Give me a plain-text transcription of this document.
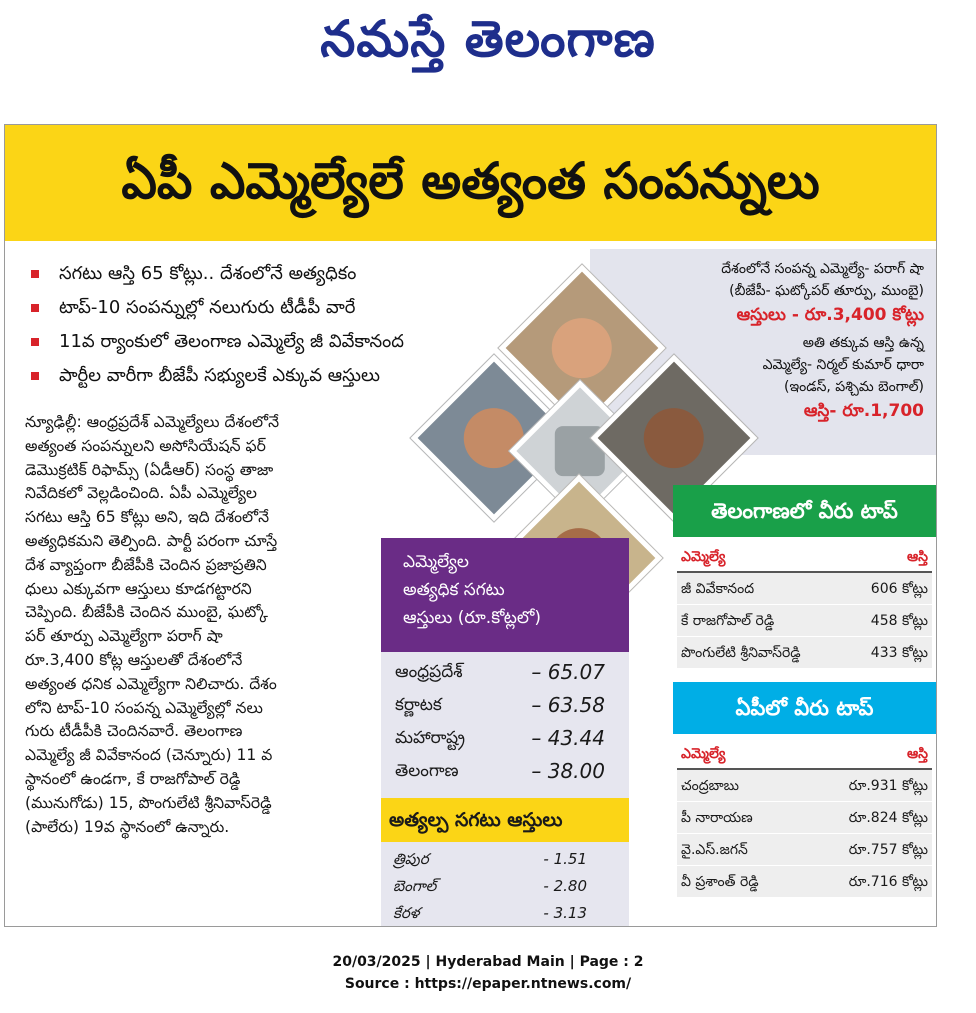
నమస్తే తెలంగాణ
ఏపీ ఎమ్మెల్యేలే అత్యంత సంపన్నులు
సగటు ఆస్తి 65 కోట్లు.. దేశంలోనే అత్యధికం
టాప్‌-10 సంపన్నుల్లో నలుగురు టీడీపీ వారే
11వ ర్యాంకులో తెలంగాణ ఎమ్మెల్యే జీ వివేకానంద
పార్టీల వారీగా బీజేపీ సభ్యులకే ఎక్కువ ఆస్తులు

న్యూఢిల్లీ: ఆంధ్రప్రదేశ్‌ ఎమ్మెల్యేలు దేశంలోనే

అత్యంత సంపన్నులని అసోసియేషన్‌ ఫర్‌

డెమొక్రటిక్‌ రిఫామ్స్‌ (ఏడీఆర్‌) సంస్థ తాజా

నివేదికలో వెల్లడించింది. ఏపీ ఎమ్మెల్యేల

సగటు ఆస్తి 65 కోట్లు అని, ఇది దేశంలోనే

అత్యధికమని తెల్పింది. పార్టీ పరంగా చూస్తే

దేశ వ్యాప్తంగా బీజేపీకి చెందిన ప్రజాప్రతిని

ధులు ఎక్కువగా ఆస్తులు కూడగట్టారని

చెప్పింది. బీజేపీకి చెందిన ముంబై, ఘట్కో

పర్‌ తూర్పు ఎమ్మెల్యేగా పరాగ్‌ షా

రూ.3,400 కోట్ల ఆస్తులతో దేశంలోనే

అత్యంత ధనిక ఎమ్మెల్యేగా నిలిచారు. దేశం

లోని టాప్‌-10 సంపన్న ఎమ్మెల్యేల్లో నలు

గురు టీడీపీకి చెందినవారే. తెలంగాణ

ఎమ్మెల్యే జీ వివేకానంద (చెన్నూరు) 11 వ

స్థానంలో ఉండగా, కే రాజగోపాల్‌ రెడ్డి

(మునుగోడు) 15, పొంగులేటి శ్రీనివాస్‌రెడ్డి

(పాలేరు) 19వ స్థానంలో ఉన్నారు.

దేశంలోనే సంపన్న ఎమ్మెల్యే- పరాగ్‌ షా
(బీజేపీ- ఘట్కోపర్‌ తూర్పు, ముంబై)
ఆస్తులు - రూ.3,400 కోట్లు
అతి తక్కువ ఆస్తి ఉన్న
ఎమ్మెల్యే- నిర్మల్‌ కుమార్‌ ధారా
(ఇండస్‌, పశ్చిమ బెంగాల్‌)
ఆస్తి- రూ.1,700
తెలంగాణలో వీరు టాప్‌
ఎమ్మెల్యే	ఆస్తి
జీ వివేకానంద	606 కోట్లు
కే రాజగోపాల్‌ రెడ్డి	458 కోట్లు
పొంగులేటి శ్రీనివాస్‌రెడ్డి	433 కోట్లు
ఏపీలో వీరు టాప్‌
ఎమ్మెల్యే	ఆస్తి
చంద్రబాబు	రూ.931 కోట్లు
పీ నారాయణ	రూ.824 కోట్లు
వై.ఎస్‌.జగన్‌	రూ.757 కోట్లు
వీ ప్రశాంత్‌ రెడ్డి	రూ.716 కోట్లు
ఎమ్మెల్యేల
అత్యధిక సగటు
ఆస్తులు (రూ.కోట్లలో)
ఆంధ్రప్రదేశ్‌	– 65.07
కర్ణాటక	– 63.58
మహారాష్ట్ర	– 43.44
తెలంగాణ	– 38.00
అత్యల్ప సగటు ఆస్తులు
త్రిపుర	- 1.51
బెంగాల్‌	- 2.80
కేరళ	- 3.13
20/03/2025 | Hyderabad Main | Page : 2
Source : https://epaper.ntnews.com/
